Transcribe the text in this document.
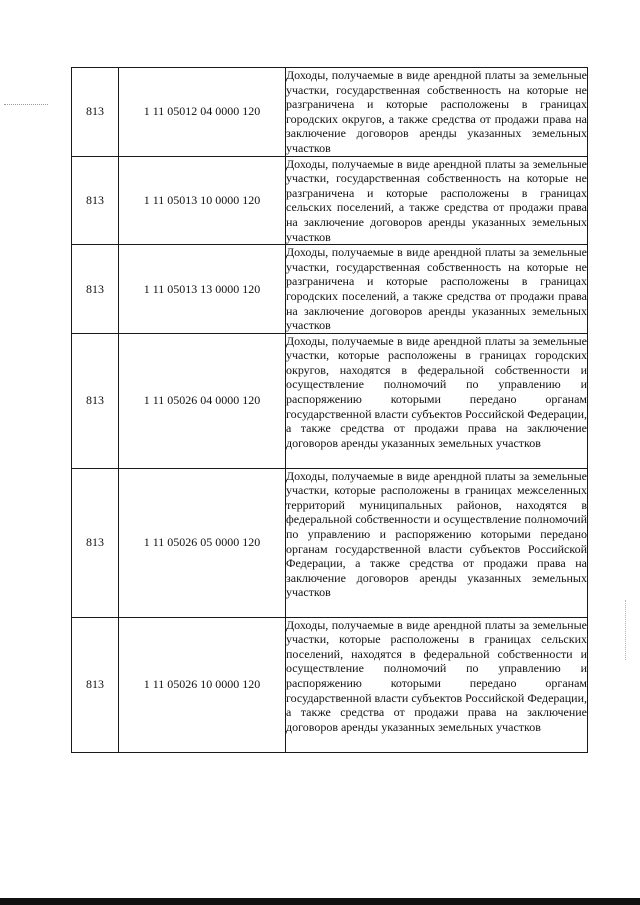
813	1 11 05012 04 0000 120	Доходы, получаемые в виде арендной платы за земельные участки, государственная собственность на которые не разграничена и которые расположены в границах городских округов, а также средства от продажи права на заключение договоров аренды указанных земельных участков
813	1 11 05013 10 0000 120	Доходы, получаемые в виде арендной платы за земельные участки, государственная собственность на которые не разграничена и которые расположены в границах сельских поселений, а также средства от продажи права на заключение договоров аренды указанных земельных участков
813	1 11 05013 13 0000 120	Доходы, получаемые в виде арендной платы за земельные участки, государственная собственность на которые не разграничена и которые расположены в границах городских поселений, а также средства от продажи права на заключение договоров аренды указанных земельных участков
813	1 11 05026 04 0000 120	Доходы, получаемые в виде арендной платы за земельные участки, которые расположены в границах городских округов, находятся в федеральной собственности и осуществление полномочий по управлению и распоряжению которыми передано органам государственной власти субъектов Российской Федерации, а также средства от продажи права на заключение договоров аренды указанных земельных участков
813	1 11 05026 05 0000 120	Доходы, получаемые в виде арендной платы за земельные участки, которые расположены в границах межселенных территорий муниципальных районов, находятся в федеральной собственности и осуществление полномочий по управлению и распоряжению которыми передано органам государственной власти субъектов Российской Федерации, а также средства от продажи права на заключение договоров аренды указанных земельных участков
813	1 11 05026 10 0000 120	Доходы, получаемые в виде арендной платы за земельные участки, которые расположены в границах сельских поселений, находятся в федеральной собственности и осуществление полномочий по управлению и распоряжению которыми передано органам государственной власти субъектов Российской Федерации, а также средства от продажи права на заключение договоров аренды указанных земельных участков
